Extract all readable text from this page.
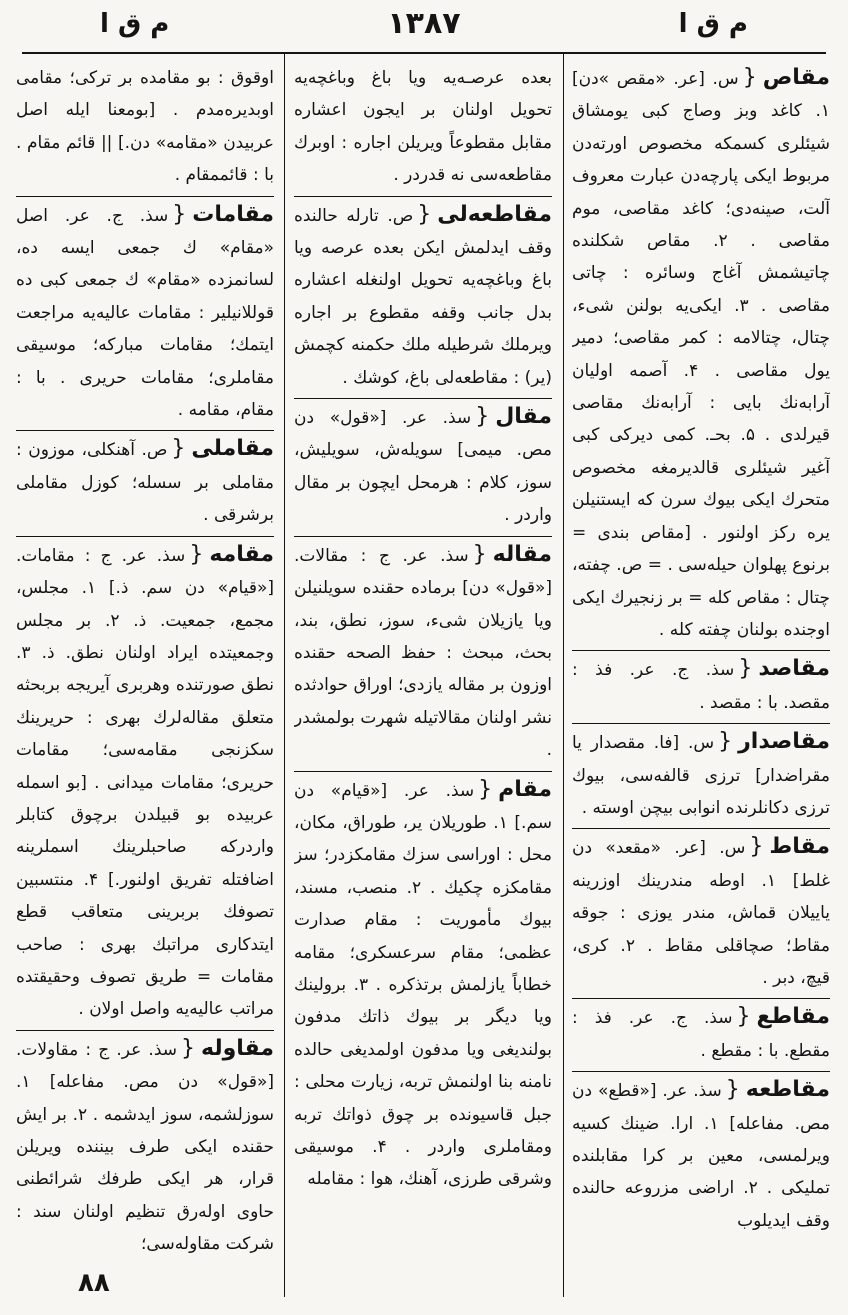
م ق ا	۱۳۸۷	م ق ا

مقاص{س. [عر. «مقص »دن] ۱. کاغد وبز وصاج کبی یومشاق شیئلری کسمکه مخصوص اورته‌دن مربوط ایکی پارچه‌دن عبارت معروف آلت، صینه‌دی؛ کاغد مقاصی، موم مقاصی . ۲. مقاص شکلنده چاتیشمش آغاج وسائره : چاتی مقاصی . ۳. ایکی‌یه بولنن شیء، چتال، چتالامه : کمر مقاصی؛ دمیر یول مقاصی . ۴. آصمه اولیان آرابه‌نك بایی : آرابه‌نك مقاصی قیرلدی . ۵. بحـ. کمی دیرکی کبی آغیر شیئلری قالدیرمغه مخصوص متحرك ایکی بیوك سرن که ایستنیلن یره رکز اولنور . [مقاص بندی = برنوع پهلوان حیله‌سی . = ص. چفته، چتال : مقاص کله = بر زنجیرك ایکی اوجنده بولنان چفته کله .

مقاصد{سذ. ج. عر. فذ : مقصد. با : مقصد .

مقاصدار{س. [فا. مقصدار یا مقراضدار] ترزی قالفه‌سی، بیوك ترزی دكانلرنده انوابی بیچن اوسته .

مقاط{س. [عر. «مقعد» دن غلط] ۱. اوطه مندرینك اوزرینه یاییلان قماش، مندر یوزی : جوقه مقاط؛ صچاقلی مقاط . ۲. کری، قیچ، دبر .

مقاطع{سذ. ج. عر. فذ : مقطع. با : مقطع .

مقاطعه{سذ. عر. [«قطع» دن مص. مفاعله] ۱. ارا. ضینك کسیه ویرلمسی، معین بر کرا مقابلنده تملیکی . ۲. اراضی مزروعه حالنده وقف ایدیلوب

بعده عرصـه‌یه ویا باغ وباغچه‌یه تحویل اولنان بر ایجون اعشاره مقابل مقطوعاً ویریلن اجاره : اوبرك مقاطعه‌سی نه قدردر .

مقاطعه‌لی{ص. تارله حالنده وقف ایدلمش ایکن بعده عرصه ویا باغ وباغچه‌یه تحویل اولنغله اعشاره بدل جانب وقفه مقطوع بر اجاره ویرملك شرطیله ملك حکمنه کچمش (یر) : مقاطعه‌لی باغ، کوشك .

مقال{سذ. عر. [«قول» دن مص. میمی] سویله‌ش، سویلیش، سوز، کلام : هرمحل ایچون بر مقال واردر .

مقاله{سذ. عر. ج : مقالات. [«قول» دن] برماده حقنده سویلنیلن ویا یازیلان شیء، سوز، نطق، بند، بحث، مبحث : حفظ الصحه حقنده اوزون بر مقاله یازدی؛ اوراق حوادثده نشر اولنان مقالاتیله شهرت بولمشدر .

مقام{سذ. عر. [«قیام» دن سم.] ۱. طوریلان یر، طوراق، مکان، محل : اوراسی سزك مقامکزدر؛ سز مقامکزه چکیك . ۲. منصب، مسند، بیوك مأموریت : مقام صدارت عظمی؛ مقام سرعسکری؛ مقامه خطاباً یازلمش برتذکره . ۳. برولینك ویا دیگر بر بیوك ذاتك مدفون بولندیغی ویا مدفون اولمدیغی حالده نامنه بنا اولنمش تربه، زیارت محلی : جبل قاسیونده بر چوق ذواتك تربه ومقاملری واردر . ۴. موسیقی وشرقی طرزی، آهنك، هوا : مقامله

اوقوق : بو مقامده بر ترکی؛ مقامی اوبدیره‌مدم . [بومعنا ایله اصل عربیدن «مقامه» دن.] || قائم مقام . با : قائممقام .

مقامات{سذ. ج. عر. اصل «مقام» ك جمعی ایسه ده، لسانمزده «مقام» ك جمعی کبی ده قوللانیلیر : مقامات عالیه‌یه مراجعت ایتمك؛ مقامات مبارکه؛ موسیقی مقاملری؛ مقامات حریری . با : مقام، مقامه .

مقاملی{ص. آهنکلی، موزون : مقاملی بر سسله؛ کوزل مقاملی برشرقی .

مقامه{سذ. عر. ج : مقامات. [«قیام» دن سم. ذ.] ۱. مجلس، مجمع، جمعیت. ذ. ۲. بر مجلس وجمعیتده ایراد اولنان نطق. ذ. ۳. نطق صورتنده وهربری آیریجه بربحثه متعلق مقاله‌لرك بهری : حریرینك سکزنجی مقامه‌سی؛ مقامات حریری؛ مقامات میدانی . [بو اسمله عربیده بو قبیلدن برچوق کتابلر واردرکه صاحبلرینك اسملرینه اضافتله تفریق اولنور.] ۴. منتسبین تصوفك بربرینی متعاقب قطع ایتدکاری مراتبك بهری : صاحب مقامات = طریق تصوف وحقیقتده مراتب عالیه‌یه واصل اولان .

مقاوله{سذ. عر. ج : مقاولات. [«قول» دن مص. مفاعله] ۱. سوزلشمه، سوز ایدشمه . ۲. بر ایش حقنده ایکی طرف بیننده ویریلن قرار، هر ایکی طرفك شرائطنی حاوی اوله‌رق تنظیم اولنان سند : شرکت مقاوله‌سی؛

۸۸
